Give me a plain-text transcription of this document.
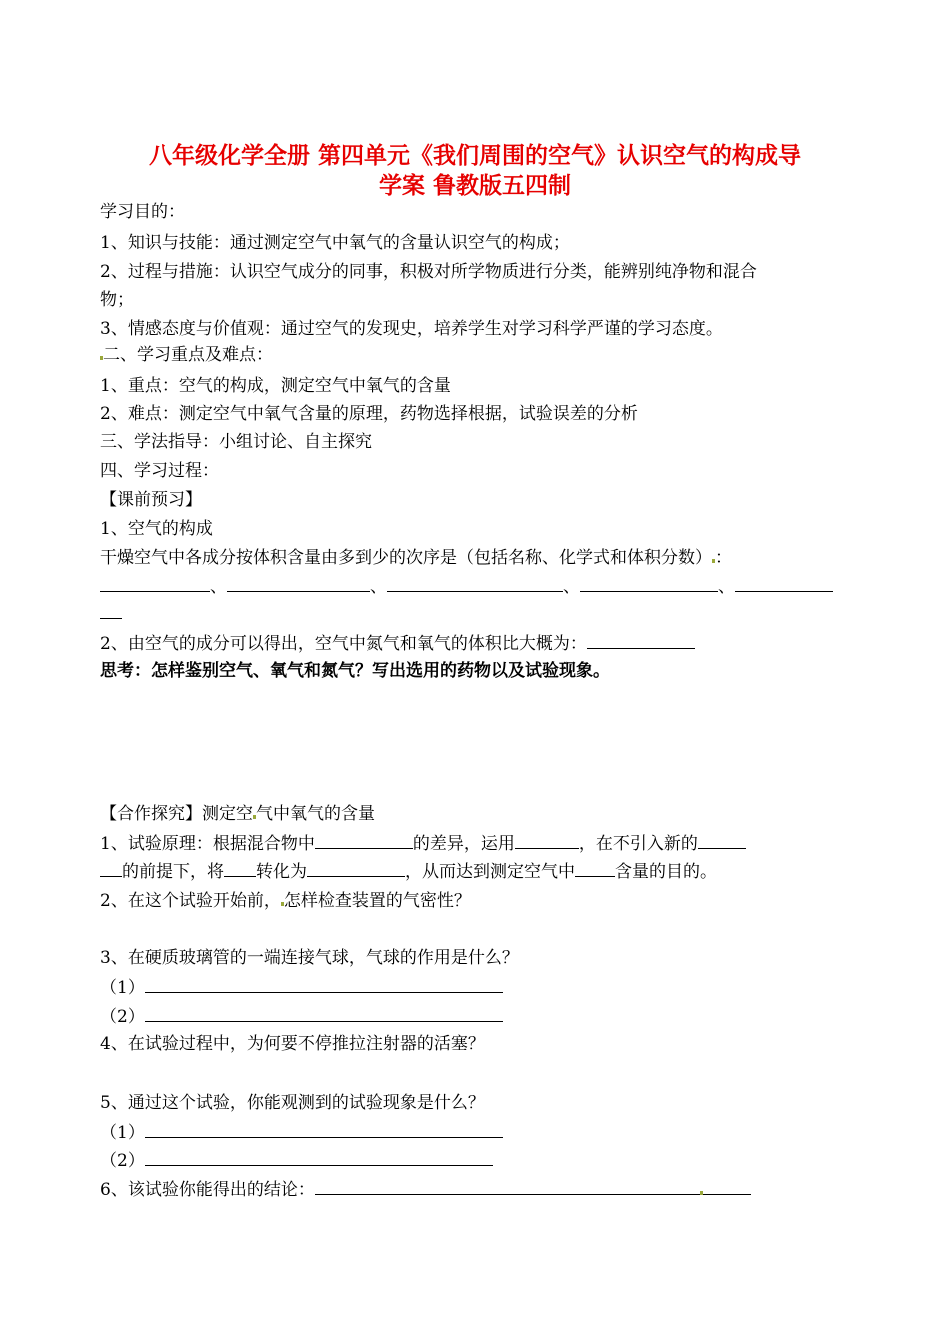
八年级化学全册 第四单元《我们周围的空气》认识空气的构成导
学案 鲁教版五四制
学习目的：
1、知识与技能：通过测定空气中氧气的含量认识空气的构成；
2、过程与措施：认识空气成分的同事，积极对所学物质进行分类，能辨别纯净物和混合
物；
3、情感态度与价值观：通过空气的发现史，培养学生对学习科学严谨的学习态度。
二、学习重点及难点：
1、重点：空气的构成，测定空气中氧气的含量
2、难点：测定空气中氧气含量的原理，药物选择根据，试验误差的分析
三、学法指导：小组讨论、自主探究
四、学习过程：
【课前预习】
1、空气的构成
干燥空气中各成分按体积含量由多到少的次序是（包括名称、化学式和体积分数） ：
、	、	、	、
2、由空气的成分可以得出，空气中氮气和氧气的体积比大概为：
思考：怎样鉴别空气、氧气和氮气？写出选用的药物以及试验现象。
【合作探究】测定空 气中氧气的含量
1、试验原理：根据混合物中	的差异，运用	，在不引入新的
的前提下，将 转化为	，从而达到测定空气中 含量的目的。
2、在这个试验开始前， 怎样检查装置的气密性？
3、在硬质玻璃管的一端连接气球，气球的作用是什么？
（1）
（2）
4、在试验过程中，为何要不停推拉注射器的活塞？
5、通过这个试验，你能观测到的试验现象是什么？
（1）
（2）
6、该试验你能得出的结论：
